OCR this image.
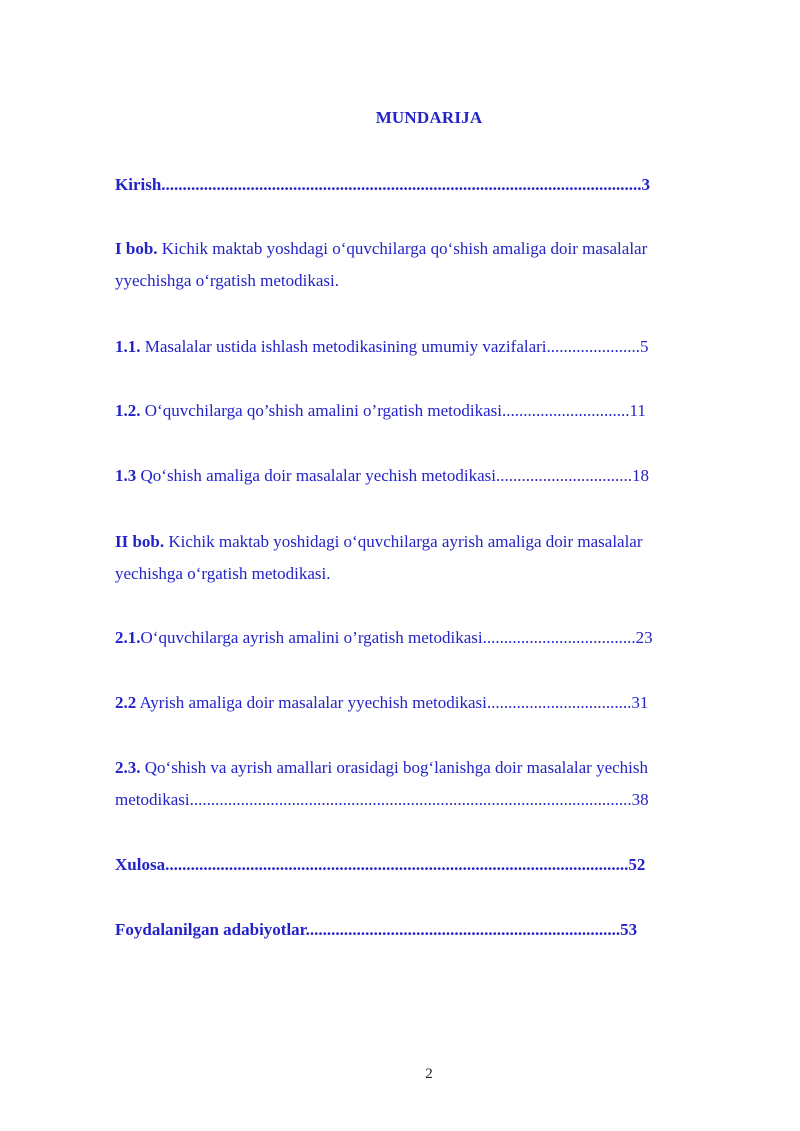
MUNDARIJA
Kirish.................................................................................................................3
I bob. Kichik maktab yoshdagi o‘quvchilarga qo‘shish amaliga doir masalalar
yyechishga o‘rgatish metodikasi.
1.1. Masalalar ustida ishlash metodikasining umumiy vazifalari......................5
1.2. O‘quvchilarga qo’shish amalini o’rgatish metodikasi..............................11
1.3 Qo‘shish amaliga doir masalalar yechish metodikasi................................18
II bob. Kichik maktab yoshidagi o‘quvchilarga ayrish amaliga doir masalalar
yechishga o‘rgatish metodikasi.
2.1.O‘quvchilarga ayrish amalini o’rgatish metodikasi....................................23
2.2 Ayrish amaliga doir masalalar yyechish metodikasi..................................31
2.3. Qo‘shish va ayrish amallari orasidagi bog‘lanishga doir masalalar yechish
metodikasi........................................................................................................38
Xulosa.............................................................................................................52
Foydalanilgan adabiyotlar..........................................................................53
2
